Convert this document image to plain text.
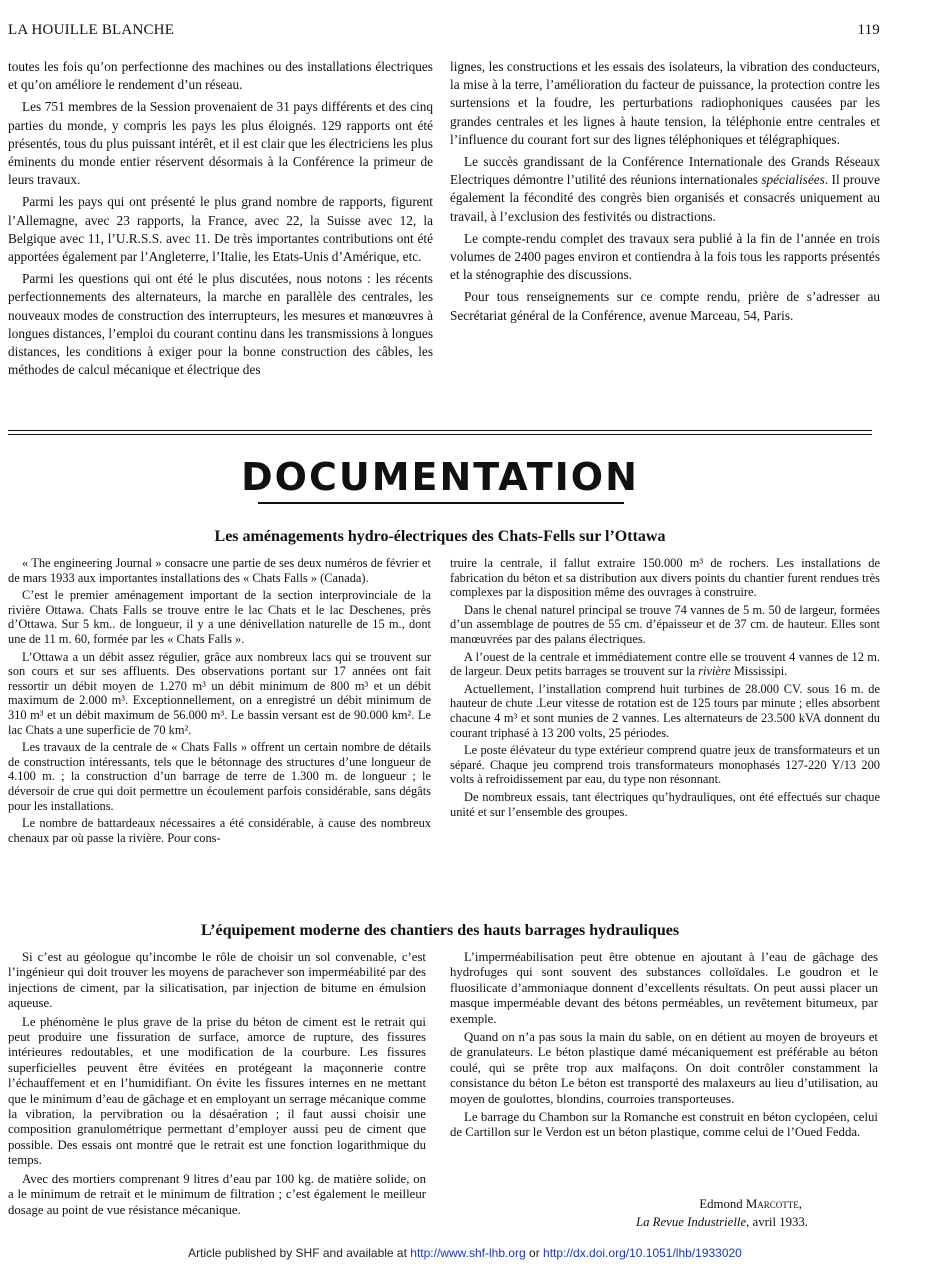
LA HOUILLE BLANCHE	119

toutes les fois qu’on perfectionne des machines ou des installations électriques et qu’on améliore le rendement d’un réseau.

Les 751 membres de la Session provenaient de 31 pays différents et des cinq parties du monde, y compris les pays les plus éloignés. 129 rapports ont été présentés, tous du plus puissant intérêt, et il est clair que les électriciens les plus éminents du monde entier réservent désormais à la Conférence la primeur de leurs travaux.

Parmi les pays qui ont présenté le plus grand nombre de rapports, figurent l’Allemagne, avec 23 rapports, la France, avec 22, la Suisse avec 12, la Belgique avec 11, l’U.R.S.S. avec 11. De très importantes contributions ont été apportées également par l’Angleterre, l’Italie, les Etats-Unis d’Amérique, etc.

Parmi les questions qui ont été le plus discutées, nous notons : les récents perfectionnements des alternateurs, la marche en parallèle des centrales, les nouveaux modes de construction des interrupteurs, les mesures et manœuvres à longues distances, l’emploi du courant continu dans les transmissions à longues distances, les conditions à exiger pour la bonne construction des câbles, les méthodes de calcul mécanique et électrique des

lignes, les constructions et les essais des isolateurs, la vibration des conducteurs, la mise à la terre, l’amélioration du facteur de puissance, la protection contre les surtensions et la foudre, les perturbations radiophoniques causées par les grandes centrales et les lignes à haute tension, la téléphonie entre centrales et l’influence du courant fort sur des lignes téléphoniques et télégraphiques.

Le succès grandissant de la Conférence Internationale des Grands Réseaux Electriques démontre l’utilité des réunions internationales spécialisées. Il prouve également la fécondité des congrès bien organisés et consacrés uniquement au travail, à l’exclusion des festivités ou distractions.

Le compte-rendu complet des travaux sera publié à la fin de l’année en trois volumes de 2400 pages environ et contiendra à la fois tous les rapports présentés et la sténographie des discussions.

Pour tous renseignements sur ce compte rendu, prière de s’adresser au Secrétariat général de la Conférence, avenue Marceau, 54, Paris.

DOCUMENTATION
Les aménagements hydro-électriques des Chats-Fells sur l’Ottawa

« The engineering Journal » consacre une partie de ses deux numéros de février et de mars 1933 aux importantes installations des « Chats Falls » (Canada).

C’est le premier aménagement important de la section interprovinciale de la rivière Ottawa. Chats Falls se trouve entre le lac Chats et le lac Deschenes, près d’Ottawa. Sur 5 km.. de longueur, il y a une dénivellation naturelle de 15 m., dont une de 11 m. 60, formée par les « Chats Falls ».

L’Ottawa a un débit assez régulier, grâce aux nombreux lacs qui se trouvent sur son cours et sur ses affluents. Des observations portant sur 17 années ont fait ressortir un débit moyen de 1.270 m³ un débit minimum de 800 m³ et un débit maximum de 2.000 m³. Exceptionnellement, on a enregistré un débit minimum de 310 m³ et un débit maximum de 56.000 m³. Le bassin versant est de 90.000 km². Le lac Chats a une superficie de 70 km².

Les travaux de la centrale de « Chats Falls » offrent un certain nombre de détails de construction intéressants, tels que le bétonnage des structures d’une longueur de 4.100 m. ; la construction d’un barrage de terre de 1.300 m. de longueur ; le déversoir de crue qui doit permettre un écoulement parfois considérable, sans dégâts pour les installations.

Le nombre de battardeaux nécessaires a été considérable, à cause des nombreux chenaux par où passe la rivière. Pour cons-

truire la centrale, il fallut extraire 150.000 m³ de rochers. Les installations de fabrication du béton et sa distribution aux divers points du chantier furent rendues très complexes par la disposition même des ouvrages à construire.

Dans le chenal naturel principal se trouve 74 vannes de 5 m. 50 de largeur, formées d’un assemblage de poutres de 55 cm. d’épaisseur et de 37 cm. de hauteur. Elles sont manœuvrées par des palans électriques.

A l’ouest de la centrale et immédiatement contre elle se trouvent 4 vannes de 12 m. de largeur. Deux petits barrages se trouvent sur la rivière Mississipi.

Actuellement, l’installation comprend huit turbines de 28.000 CV. sous 16 m. de hauteur de chute .Leur vitesse de rotation est de 125 tours par minute ; elles absorbent chacune 4 m³ et sont munies de 2 vannes. Les alternateurs de 23.500 kVA donnent du courant triphasé à 13 200 volts, 25 périodes.

Le poste élévateur du type extérieur comprend quatre jeux de transformateurs et un séparé. Chaque jeu comprend trois transformateurs monophasés 127-220 Y/13 200 volts à refroidissement par eau, du type non résonnant.

De nombreux essais, tant électriques qu’hydrauliques, ont été effectués sur chaque unité et sur l’ensemble des groupes.

L’équipement moderne des chantiers des hauts barrages hydrauliques

Si c’est au géologue qu’incombe le rôle de choisir un sol convenable, c’est l’ingénieur qui doit trouver les moyens de parachever son imperméabilité par des injections de ciment, par la silicatisation, par injection de bitume en émulsion aqueuse.

Le phénomène le plus grave de la prise du béton de ciment est le retrait qui peut produire une fissuration de surface, amorce de rupture, des fissures intérieures redoutables, et une modification de la courbure. Les fissures superficielles peuvent être évitées en protégeant la maçonnerie contre l’échauffement et en l’humidifiant. On évite les fissures internes en ne mettant que le minimum d’eau de gâchage et en employant un serrage mécanique comme la vibration, la pervibration ou la désaération ; il faut aussi choisir une composition granulométrique permettant d’employer aussi peu de ciment que possible. Des essais ont montré que le retrait est une fonction logarithmique du temps.

Avec des mortiers comprenant 9 litres d’eau par 100 kg. de matière solide, on a le minimum de retrait et le minimum de filtration ; c’est également le meilleur dosage au point de vue résistance mécanique.

L’imperméabilisation peut être obtenue en ajoutant à l’eau de gâchage des hydrofuges qui sont souvent des substances colloïdales. Le goudron et le fluosilicate d’ammoniaque donnent d’excellents résultats. On peut aussi placer un masque imperméable devant des bétons perméables, un revêtement bitumeux, par exemple.

Quand on n’a pas sous la main du sable, on en détient au moyen de broyeurs et de granulateurs. Le béton plastique damé mécaniquement est préférable au béton coulé, qui se prête trop aux malfaçons. On doit contrôler constamment la consistance du béton Le béton est transporté des malaxeurs au lieu d’utilisation, au moyen de goulottes, blondins, courroies transporteuses.

Le barrage du Chambon sur la Romanche est construit en béton cyclopéen, celui de Cartillon sur le Verdon est un béton plastique, comme celui de l’Oued Fedda.

Edmond Marcotte,
La Revue Industrielle, avril 1933.
Article published by SHF and available at http://www.shf-lhb.org or http://dx.doi.org/10.1051/lhb/1933020
